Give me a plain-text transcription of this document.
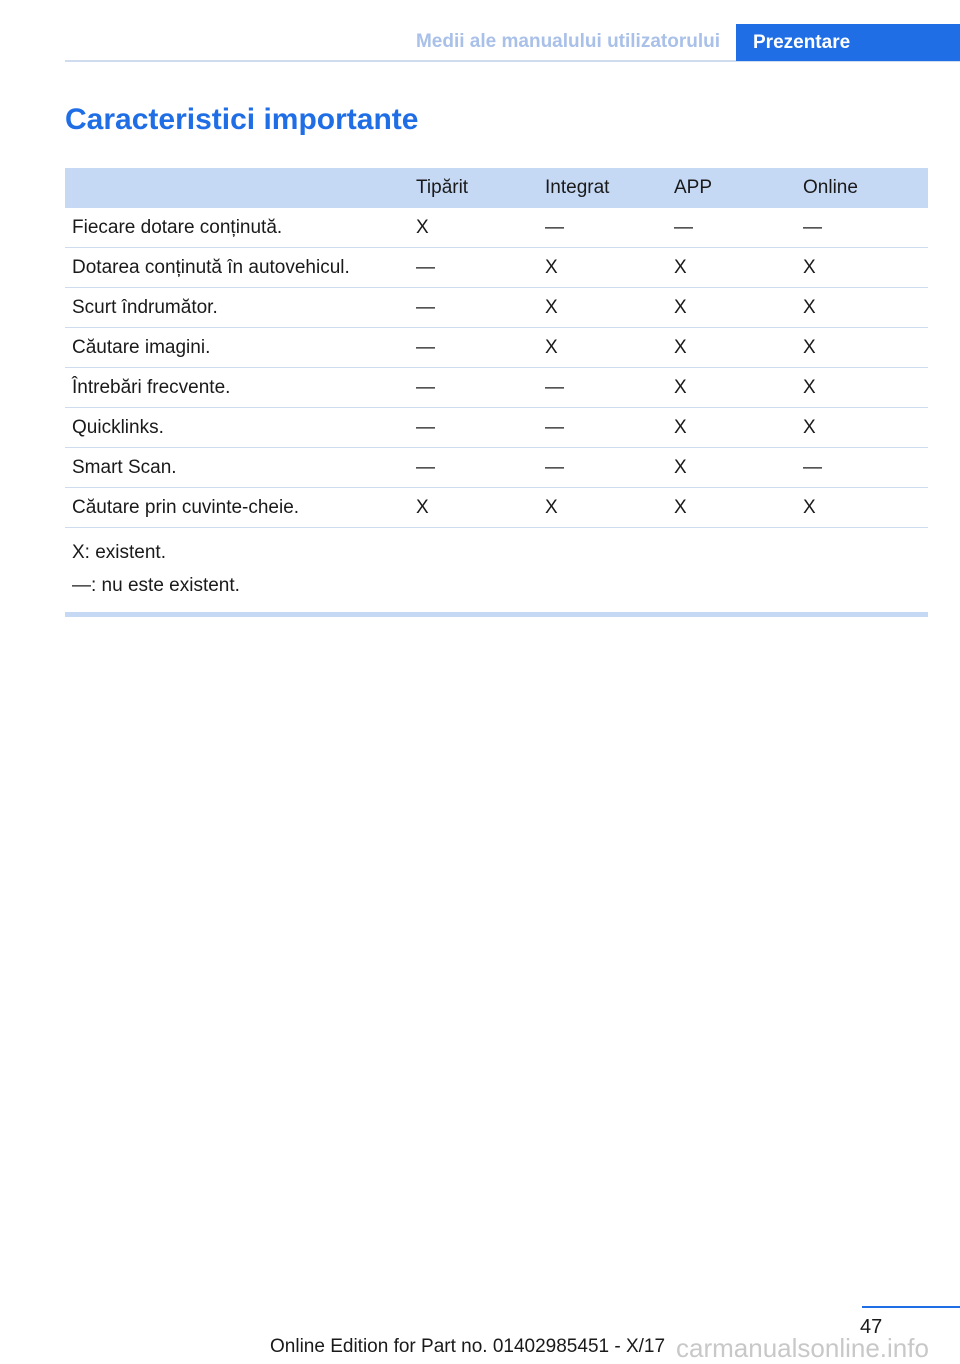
Medii ale manualului utilizatorului	Prezentare
Caracteristici importante
	Tipărit	Integrat	APP	Online
Fiecare dotare conținută.	X	—	—	—
Dotarea conținută în autovehicul.	—	X	X	X
Scurt îndrumător.	—	X	X	X
Căutare imagini.	—	X	X	X
Întrebări frecvente.	—	—	X	X
Quicklinks.	—	—	X	X
Smart Scan.	—	—	X	—
Căutare prin cuvinte-cheie.	X	X	X	X

X: existent.
—: nu este existent.				
47
Online Edition for Part no. 01402985451 - X/17 carmanualsonline.info
